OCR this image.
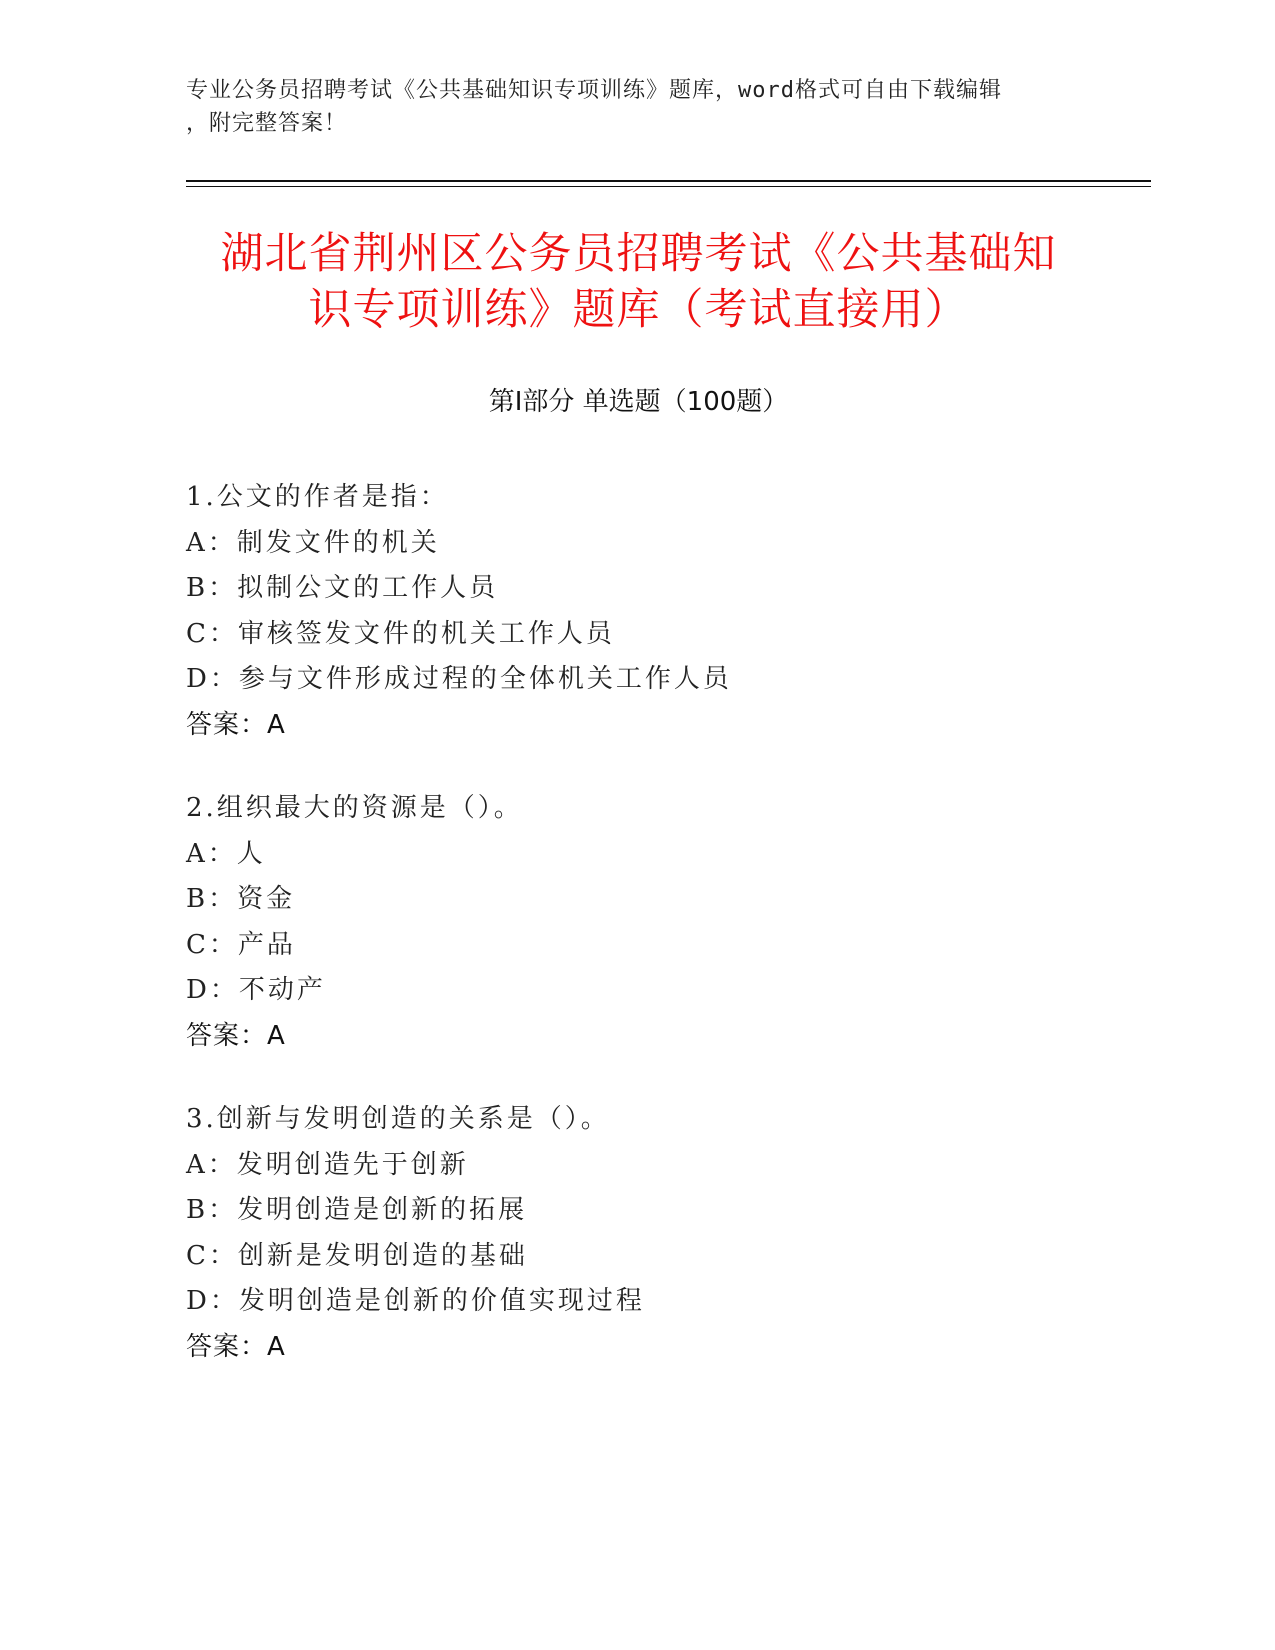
专业公务员招聘考试《公共基础知识专项训练》题库，word格式可自由下载编辑
，附完整答案！
湖北省荆州区公务员招聘考试《公共基础知
识专项训练》题库（考试直接用）
第Ⅰ部分 单选题（100题）
1.公文的作者是指：
A：制发文件的机关
B：拟制公文的工作人员
C：审核签发文件的机关工作人员
D：参与文件形成过程的全体机关工作人员
答案：A
2.组织最大的资源是（）。
A：人
B：资金
C：产品
D：不动产
答案：A
3.创新与发明创造的关系是（）。
A：发明创造先于创新
B：发明创造是创新的拓展
C：创新是发明创造的基础
D：发明创造是创新的价值实现过程
答案：A
